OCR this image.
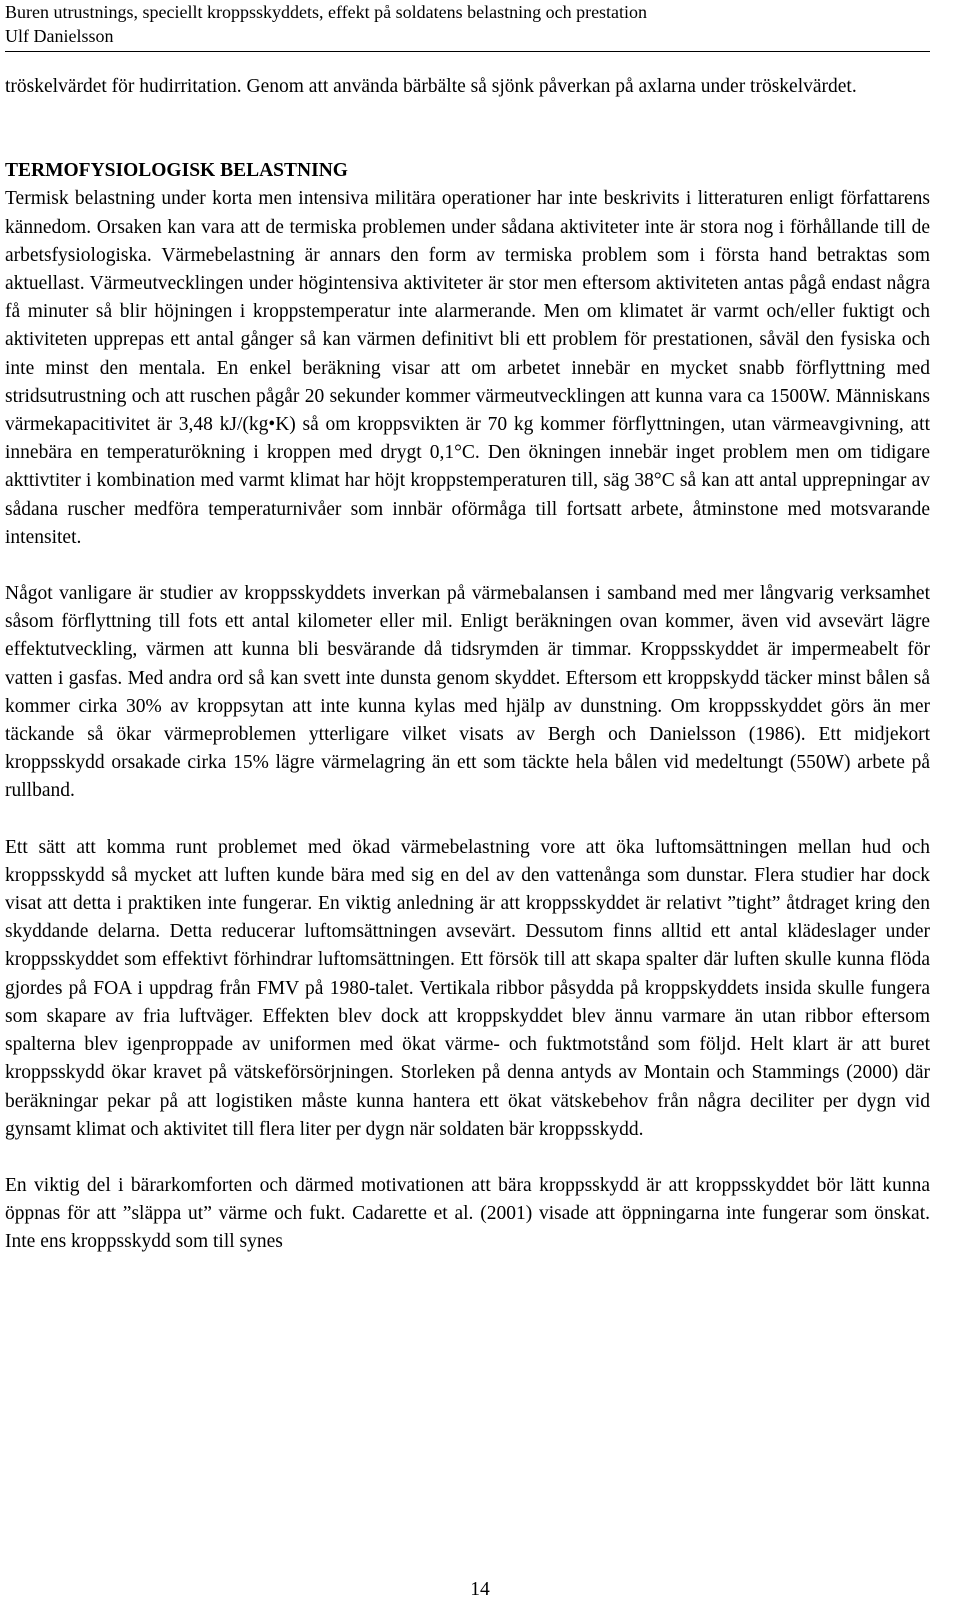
Buren utrustnings, speciellt kroppsskyddets, effekt på soldatens belastning och prestation
Ulf Danielsson

tröskelvärdet för hudirritation. Genom att använda bärbälte så sjönk påverkan på axlarna under tröskelvärdet.

TERMOFYSIOLOGISK BELASTNING

Termisk belastning under korta men intensiva militära operationer har inte beskrivits i litteraturen enligt författarens kännedom. Orsaken kan vara att de termiska problemen under sådana aktiviteter inte är stora nog i förhållande till de arbetsfysiologiska. Värmebelastning är annars den form av termiska problem som i första hand betraktas som aktuellast. Värmeutvecklingen under högintensiva aktiviteter är stor men eftersom aktiviteten antas pågå endast några få minuter så blir höjningen i kroppstemperatur inte alarmerande. Men om klimatet är varmt och/eller fuktigt och aktiviteten upprepas ett antal gånger så kan värmen definitivt bli ett problem för prestationen, såväl den fysiska och inte minst den mentala. En enkel beräkning visar att om arbetet innebär en mycket snabb förflyttning med stridsutrustning och att ruschen pågår 20 sekunder kommer värmeutvecklingen att kunna vara ca 1500W. Människans värmekapacitivitet är 3,48 kJ/(kg•K) så om kroppsvikten är 70 kg kommer förflyttningen, utan värmeavgivning, att innebära en temperaturökning i kroppen med drygt 0,1°C. Den ökningen innebär inget problem men om tidigare akttivtiter i kombination med varmt klimat har höjt kroppstemperaturen till, säg 38°C så kan att antal upprepningar av sådana ruscher medföra temperaturnivåer som innbär oförmåga till fortsatt arbete, åtminstone med motsvarande intensitet.

Något vanligare är studier av kroppsskyddets inverkan på värmebalansen i samband med mer långvarig verksamhet såsom förflyttning till fots ett antal kilometer eller mil. Enligt beräkningen ovan kommer, även vid avsevärt lägre effektutveckling, värmen att kunna bli besvärande då tidsrymden är timmar. Kroppsskyddet är impermeabelt för vatten i gasfas. Med andra ord så kan svett inte dunsta genom skyddet. Eftersom ett kroppskydd täcker minst bålen så kommer cirka 30% av kroppsytan att inte kunna kylas med hjälp av dunstning. Om kroppsskyddet görs än mer täckande så ökar värmeproblemen ytterligare vilket visats av Bergh och Danielsson (1986). Ett midjekort kroppsskydd orsakade cirka 15% lägre värmelagring än ett som täckte hela bålen vid medeltungt (550W) arbete på rullband.

Ett sätt att komma runt problemet med ökad värmebelastning vore att öka luftomsättningen mellan hud och kroppsskydd så mycket att luften kunde bära med sig en del av den vattenånga som dunstar. Flera studier har dock visat att detta i praktiken inte fungerar. En viktig anledning är att kroppsskyddet är relativt ”tight” åtdraget kring den skyddande delarna. Detta reducerar luftomsättningen avsevärt. Dessutom finns alltid ett antal klädeslager under kroppsskyddet som effektivt förhindrar luftomsättningen. Ett försök till att skapa spalter där luften skulle kunna flöda gjordes på FOA i uppdrag från FMV på 1980-talet. Vertikala ribbor påsydda på kroppskyddets insida skulle fungera som skapare av fria luftväger. Effekten blev dock att kroppskyddet blev ännu varmare än utan ribbor eftersom spalterna blev igenproppade av uniformen med ökat värme- och fuktmotstånd som följd. Helt klart är att buret kroppsskydd ökar kravet på vätskeförsörjningen. Storleken på denna antyds av Montain och Stammings (2000) där beräkningar pekar på att logistiken måste kunna hantera ett ökat vätskebehov från några deciliter per dygn vid gynsamt klimat och aktivitet till flera liter per dygn när soldaten bär kroppsskydd.

En viktig del i bärarkomforten och därmed motivationen att bära kroppsskydd är att kroppsskyddet bör lätt kunna öppnas för att ”släppa ut” värme och fukt. Cadarette et al. (2001) visade att öppningarna inte fungerar som önskat. Inte ens kroppsskydd som till synes

14
